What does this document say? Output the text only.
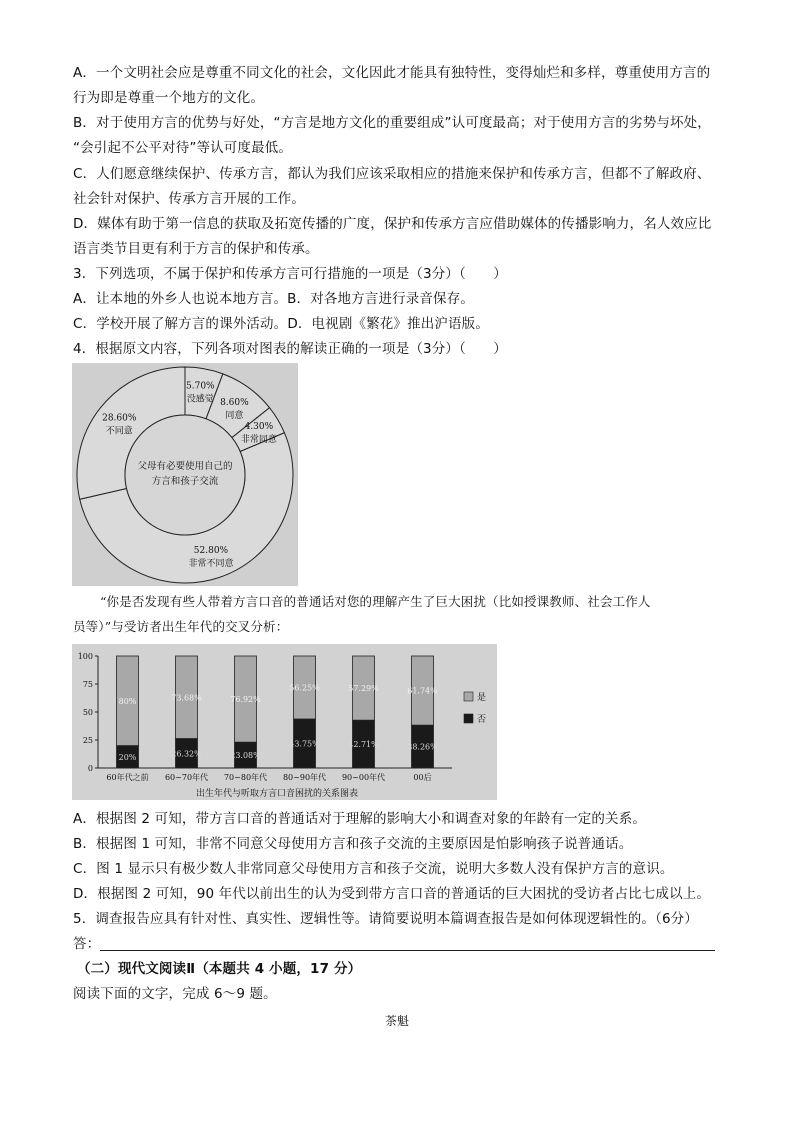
A．一个文明社会应是尊重不同文化的社会，文化因此才能具有独特性，变得灿烂和多样，尊重使用方言的
行为即是尊重一个地方的文化。
B．对于使用方言的优势与好处，“方言是地方文化的重要组成”认可度最高；对于使用方言的劣势与坏处，
“会引起不公平对待”等认可度最低。
C．人们愿意继续保护、传承方言，都认为我们应该采取相应的措施来保护和传承方言，但都不了解政府、
社会针对保护、传承方言开展的工作。
D．媒体有助于第一信息的获取及拓宽传播的广度，保护和传承方言应借助媒体的传播影响力，名人效应比
语言类节目更有利于方言的保护和传承。
3．下列选项，不属于保护和传承方言可行措施的一项是（3分）（　　）
A．让本地的外乡人也说本地方言。B．对各地方言进行录音保存。
C．学校开展了解方言的课外活动。D．电视剧《繁花》推出沪语版。
4．根据原文内容，下列各项对图表的解读正确的一项是（3分）（　　）
5.70%
没感觉 8.60%
同意
4.30%
非常同意
52.80%
非常不同意
28.60%
不同意
父母有必要使用自己的
方言和孩子交流
“你是否发现有些人带着方言口音的普通话对您的理解产生了巨大困扰（比如授课教师、社会工作人
员等）”与受访者出生年代的交叉分析：
0
25
50
75
100
80%
20%
60年代之前
73.68%
26.32%
60~70年代
76.92%
23.08%
70~80年代
56.25%
43.75%
80~90年代
57.29%
42.71%
90~00年代
61.74%
38.26%
00后
是
否
出生年代与听取方言口音困扰的关系图表
A．根据图 2 可知，带方言口音的普通话对于理解的影响大小和调查对象的年龄有一定的关系。
B．根据图 1 可知，非常不同意父母使用方言和孩子交流的主要原因是怕影响孩子说普通话。
C．图 1 显示只有极少数人非常同意父母使用方言和孩子交流，说明大多数人没有保护方言的意识。
D．根据图 2 可知，90 年代以前出生的认为受到带方言口音的普通话的巨大困扰的受访者占比七成以上。
5．调查报告应具有针对性、真实性、逻辑性等。请简要说明本篇调查报告是如何体现逻辑性的。（6分）
答：
（二）现代文阅读Ⅱ（本题共 4 小题，17 分）
阅读下面的文字，完成 6～9 题。
茶魁
